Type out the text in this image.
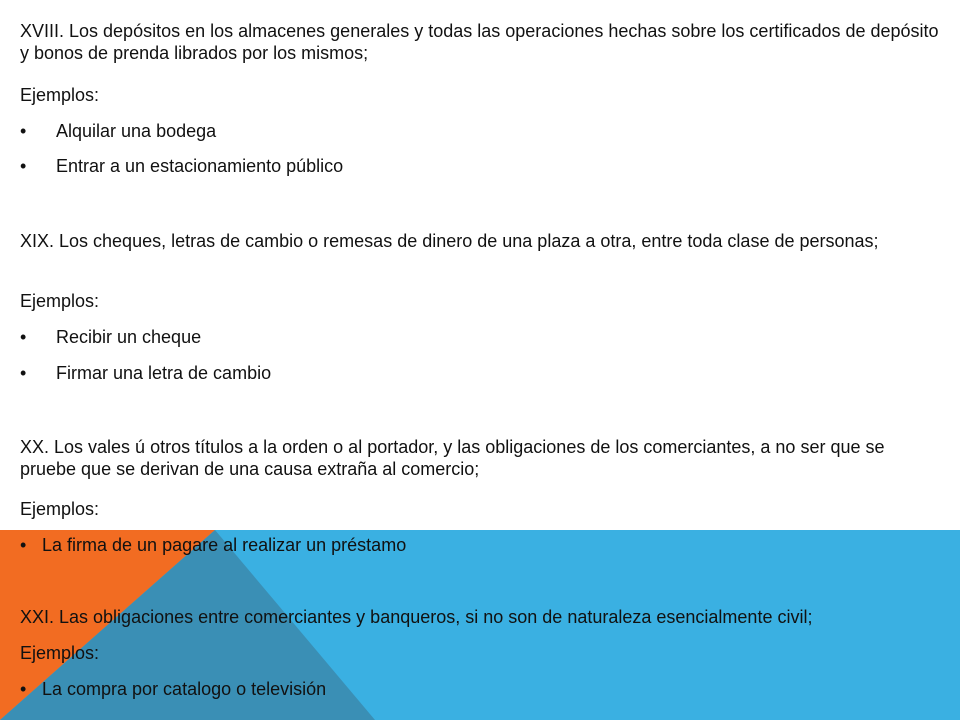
XVIII. Los depósitos en los almacenes generales y todas las operaciones hechas sobre los certificados de depósito y bonos de prenda librados por los mismos;

Ejemplos:

• Alquilar una bodega
• Entrar a un estacionamiento público

XIX. Los cheques, letras de cambio o remesas de dinero de una plaza a otra, entre toda clase de personas;

Ejemplos:

• Recibir un cheque
• Firmar una letra de cambio

XX. Los vales ú otros títulos a la orden o al portador, y las obligaciones de los comerciantes, a no ser que se pruebe que se derivan de una causa extraña al comercio;

Ejemplos:

• La firma de un pagare al realizar un préstamo

XXI. Las obligaciones entre comerciantes y banqueros, si no son de naturaleza esencialmente civil;

Ejemplos:

• La compra por catalogo o televisión
